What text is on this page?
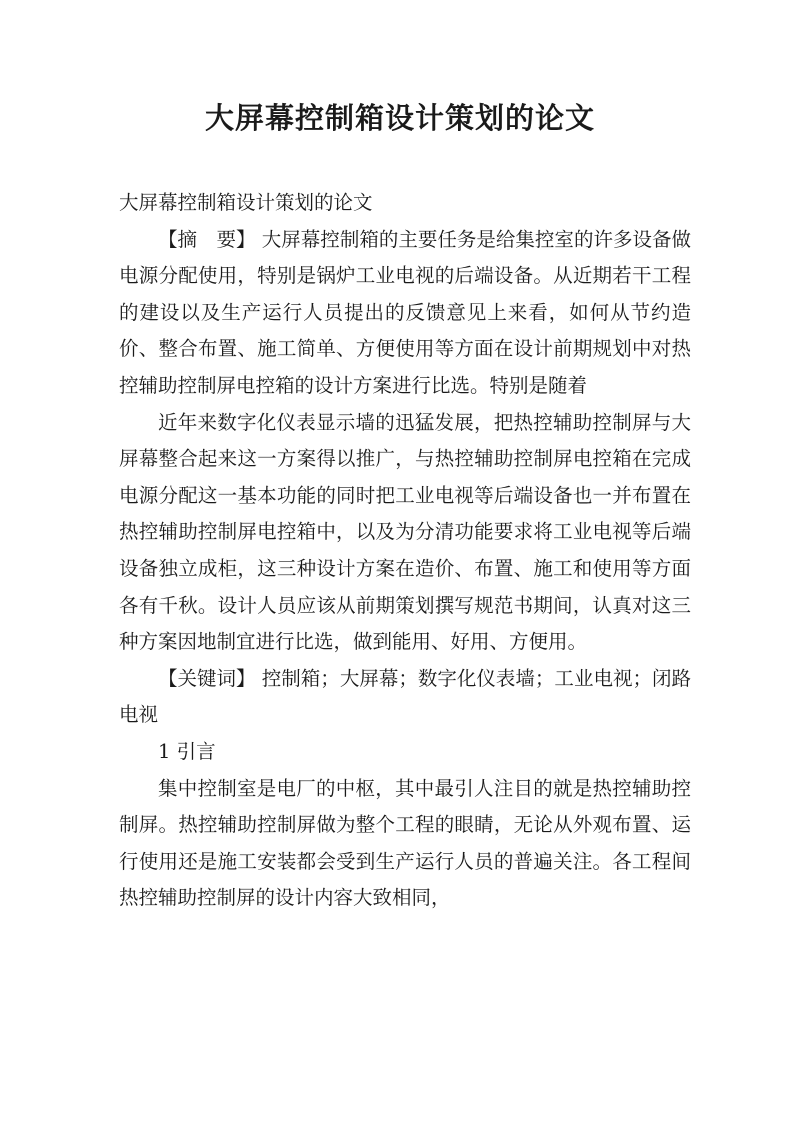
大屏幕控制箱设计策划的论文

大屏幕控制箱设计策划的论文

【摘　要】 大屏幕控制箱的主要任务是给集控室的许多设备做电源分配使用，特别是锅炉工业电视的后端设备。从近期若干工程的建设以及生产运行人员提出的反馈意见上来看，如何从节约造价、整合布置、施工简单、方便使用等方面在设计前期规划中对热控辅助控制屏电控箱的设计方案进行比选。特别是随着

近年来数字化仪表显示墙的迅猛发展，把热控辅助控制屏与大屏幕整合起来这一方案得以推广，与热控辅助控制屏电控箱在完成电源分配这一基本功能的同时把工业电视等后端设备也一并布置在热控辅助控制屏电控箱中，以及为分清功能要求将工业电视等后端设备独立成柜，这三种设计方案在造价、布置、施工和使用等方面各有千秋。设计人员应该从前期策划撰写规范书期间，认真对这三种方案因地制宜进行比选，做到能用、好用、方便用。

【关键词】 控制箱；大屏幕；数字化仪表墙；工业电视；闭路电视

1 引言

集中控制室是电厂的中枢，其中最引人注目的就是热控辅助控制屏。热控辅助控制屏做为整个工程的眼睛，无论从外观布置、运行使用还是施工安装都会受到生产运行人员的普遍关注。各工程间热控辅助控制屏的设计内容大致相同，
